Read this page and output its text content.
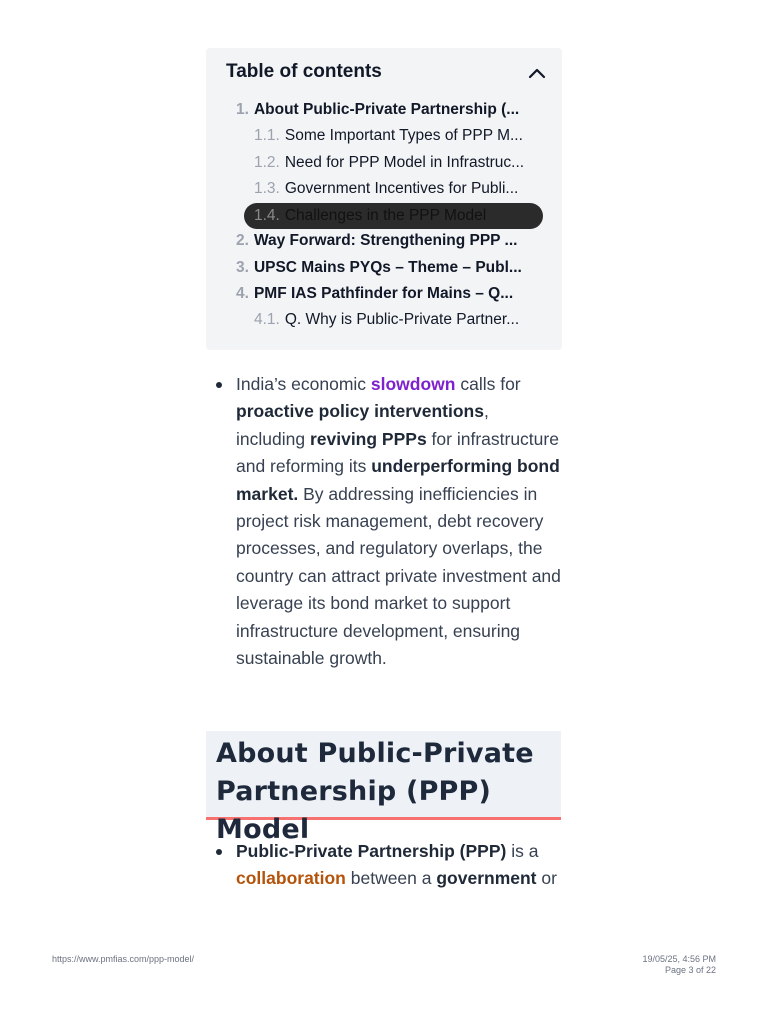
Table of contents
1. About Public-Private Partnership (...
1.1. Some Important Types of PPP M...
1.2. Need for PPP Model in Infrastruc...
1.3. Government Incentives for Publi...
1.4. Challenges in the PPP Model
2. Way Forward: Strengthening PPP ...
3. UPSC Mains PYQs – Theme – Publ...
4. PMF IAS Pathfinder for Mains – Q...
4.1. Q. Why is Public-Private Partner...
India’s economic slowdown calls for proactive policy interventions, including reviving PPPs for infrastructure and reforming its underperforming bond market. By addressing inefficiencies in project risk management, debt recovery processes, and regulatory overlaps, the country can attract private investment and leverage its bond market to support infrastructure development, ensuring sustainable growth.
About Public-Private Partnership (PPP) Model
Public-Private Partnership (PPP) is a collaboration between a government or
https://www.pmfias.com/ppp-model/	19/05/25, 4:56 PM
Page 3 of 22
